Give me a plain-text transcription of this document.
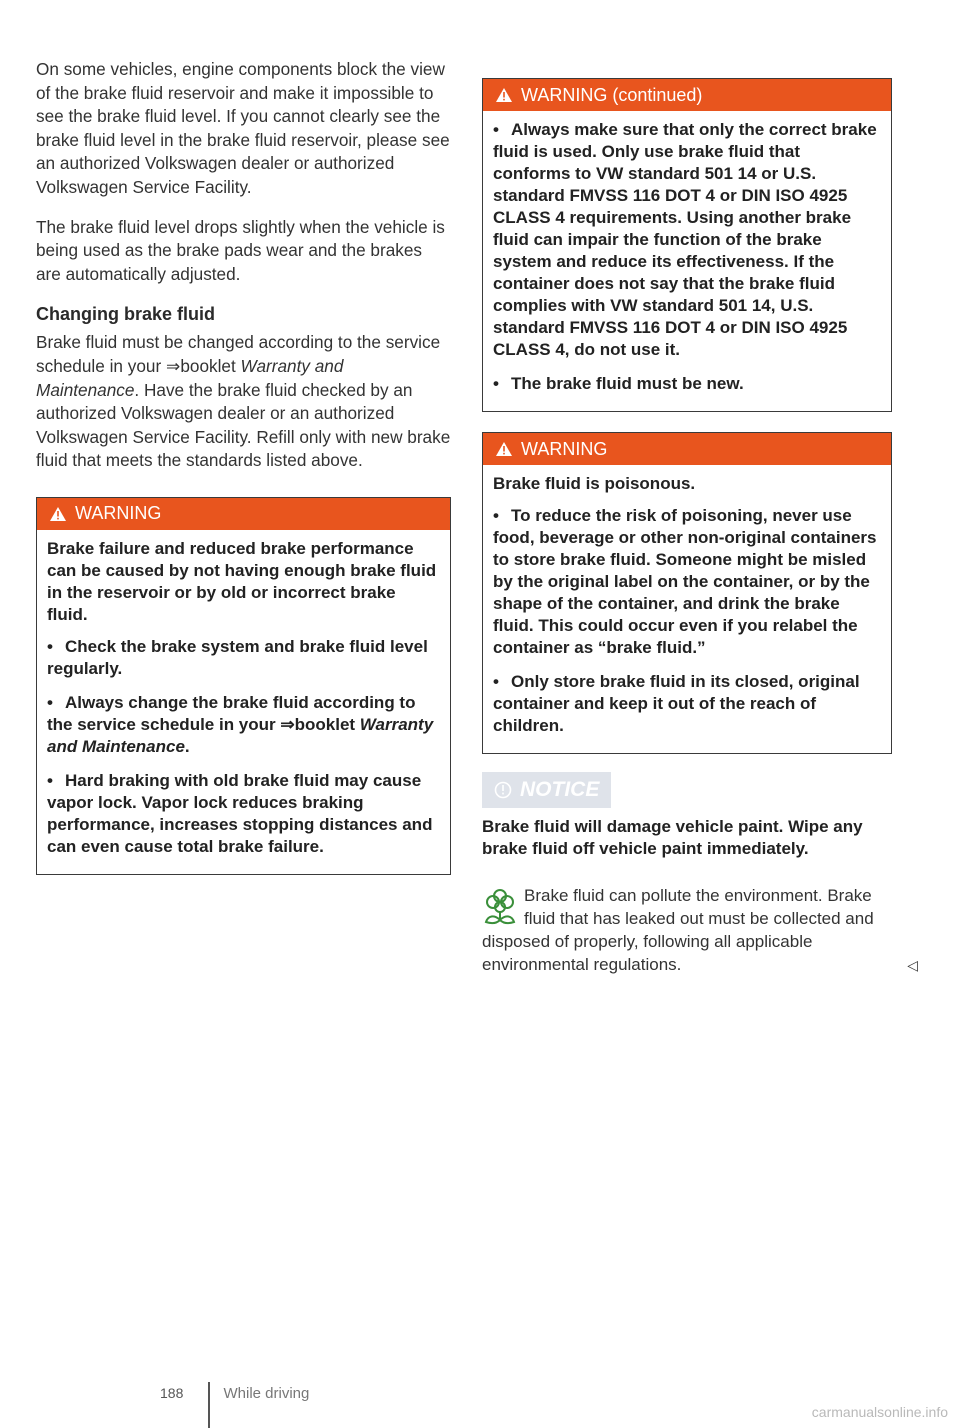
On some vehicles, engine components block the view of the brake fluid reservoir and make it impossible to see the brake fluid level. If you cannot clearly see the brake fluid level in the brake fluid reservoir, please see an authorized Volkswagen dealer or authorized Volkswagen Service Facility.

The brake fluid level drops slightly when the vehicle is being used as the brake pads wear and the brakes are automatically adjusted.

Changing brake fluid

Brake fluid must be changed according to the service schedule in your ⇒booklet Warranty and Maintenance. Have the brake fluid checked by an authorized Volkswagen dealer or an authorized Volkswagen Service Facility. Refill only with new brake fluid that meets the standards listed above.

WARNING

Brake failure and reduced brake performance can be caused by not having enough brake fluid in the reservoir or by old or incorrect brake fluid.

• Check the brake system and brake fluid level regularly.
• Always change the brake fluid according to the service schedule in your ⇒booklet Warranty and Maintenance.
• Hard braking with old brake fluid may cause vapor lock. Vapor lock reduces braking performance, increases stopping distances and can even cause total brake failure.
WARNING (continued)
• Always make sure that only the correct brake fluid is used. Only use brake fluid that conforms to VW standard 501 14 or U.S. standard FMVSS 116 DOT 4 or DIN ISO 4925 CLASS 4 requirements. Using another brake fluid can impair the function of the brake system and reduce its effectiveness. If the container does not say that the brake fluid complies with VW standard 501 14, U.S. standard FMVSS 116 DOT 4 or DIN ISO 4925 CLASS 4, do not use it.
• The brake fluid must be new.
WARNING

Brake fluid is poisonous.

• To reduce the risk of poisoning, never use food, beverage or other non-original containers to store brake fluid. Someone might be misled by the original label on the container, or by the shape of the container, and drink the brake fluid. This could occur even if you relabel the container as “brake fluid.”
• Only store brake fluid in its closed, original container and keep it out of the reach of children.
NOTICE

Brake fluid will damage vehicle paint. Wipe any brake fluid off vehicle paint immediately.

Brake fluid can pollute the environment. Brake fluid that has leaked out must be collected and disposed of properly, following all applicable environmental regulations.	◁
188	While driving
carmanualsonline.info
